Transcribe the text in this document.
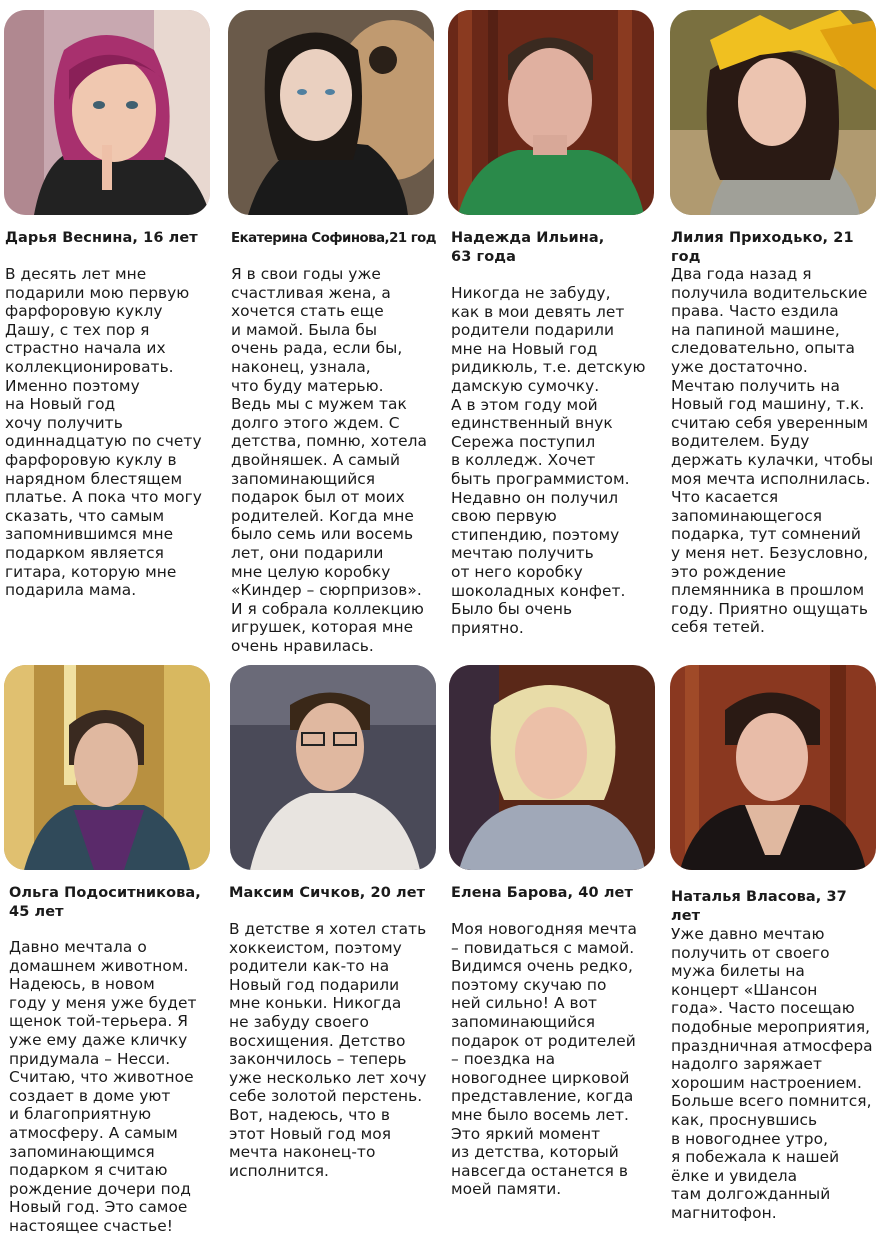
Дарья Веснина, 16 лет
В десять лет мне
подарили мою первую
фарфоровую куклу
Дашу, с тех пор я
страстно начала их
коллекционировать.
Именно поэтому
на Новый год
хочу получить
одиннадцатую по счету
фарфоровую куклу в
нарядном блестящем
платье. А пока что могу
сказать, что самым
запомнившимся мне
подарком является
гитара, которую мне
подарила мама.
Екатерина Софинова,21 год
Я в свои годы уже
счастливая жена, а
хочется стать еще
и мамой. Была бы
очень рада, если бы,
наконец, узнала,
что буду матерью.
Ведь мы с мужем так
долго этого ждем. С
детства, помню, хотела
двойняшек. А самый
запоминающийся
подарок был от моих
родителей. Когда мне
было семь или восемь
лет, они подарили
мне целую коробку
«Киндер – сюрпризов».
И я собрала коллекцию
игрушек, которая мне
очень нравилась.
Надежда Ильина,
63 года
Никогда не забуду,
как в мои девять лет
родители подарили
мне на Новый год
ридикюль, т.е. детскую
дамскую сумочку.
А в этом году мой
единственный внук
Сережа поступил
в колледж. Хочет
быть программистом.
Недавно он получил
свою первую
стипендию, поэтому
мечтаю получить
от него коробку
шоколадных конфет.
Было бы очень
приятно.
Лилия Приходько, 21 год
Два года назад я
получила водительские
права. Часто ездила
на папиной машине,
следовательно, опыта
уже достаточно.
Мечтаю получить на
Новый год машину, т.к.
считаю себя уверенным
водителем. Буду
держать кулачки, чтобы
моя мечта исполнилась.
Что касается
запоминающегося
подарка, тут сомнений
у меня нет. Безусловно,
это рождение
племянника в прошлом
году. Приятно ощущать
себя тетей.
Ольга Подоситникова,
45 лет
Давно мечтала о
домашнем животном.
Надеюсь, в новом
году у меня уже будет
щенок той-терьера. Я
уже ему даже кличку
придумала – Несси.
Считаю, что животное
создает в доме уют
и благоприятную
атмосферу. А самым
запоминающимся
подарком я считаю
рождение дочери под
Новый год. Это самое
настоящее счастье!
Максим Сичков, 20 лет
В детстве я хотел стать
хоккеистом, поэтому
родители как-то на
Новый год подарили
мне коньки. Никогда
не забуду своего
восхищения. Детство
закончилось – теперь
уже несколько лет хочу
себе золотой перстень.
Вот, надеюсь, что в
этот Новый год моя
мечта наконец-то
исполнится.
Елена Барова, 40 лет
Моя новогодняя мечта
– повидаться с мамой.
Видимся очень редко,
поэтому скучаю по
ней сильно! А вот
запоминающийся
подарок от родителей
– поездка на
новогоднее цирковой
представление, когда
мне было восемь лет.
Это яркий момент
из детства, который
навсегда останется в
моей памяти.
Наталья Власова, 37 лет
Уже давно мечтаю
получить от своего
мужа билеты на
концерт «Шансон
года». Часто посещаю
подобные мероприятия,
праздничная атмосфера
надолго заряжает
хорошим настроением.
Больше всего помнится,
как, проснувшись
в новогоднее утро,
я побежала к нашей
ёлке и увидела
там долгожданный
магнитофон.
